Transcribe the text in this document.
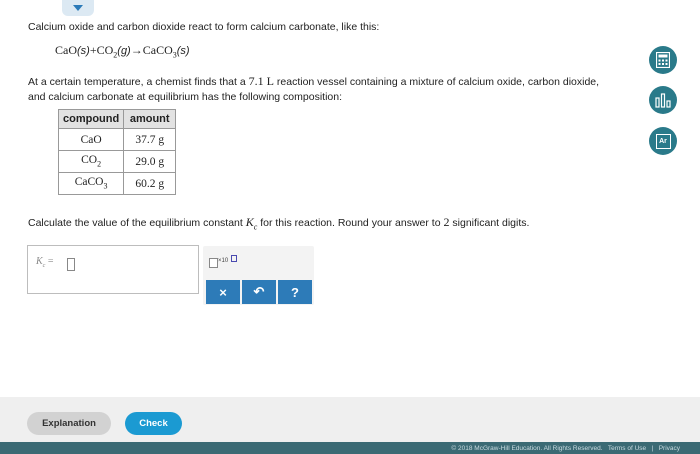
Calcium oxide and carbon dioxide react to form calcium carbonate, like this:
$CaO(s)+CO_2(g)\to CaCO_3(s)$
At a certain temperature, a chemist finds that a 7.1 L reaction vessel containing a mixture of calcium oxide, carbon dioxide, and calcium carbonate at equilibrium has the following composition:
compound	amount
CaO	37.7 g
$CO_2$	29.0 g
CaCO$_3$	60.2 g
Calculate the value of the equilibrium constant $K_c$ for this reaction. Round your answer to 2 significant digits.
$K_c$ =	×10
×	↶	?
Ar
Explanation	Check
© 2018 McGraw-Hill Education. All Rights Reserved. Terms of Use | Privacy
